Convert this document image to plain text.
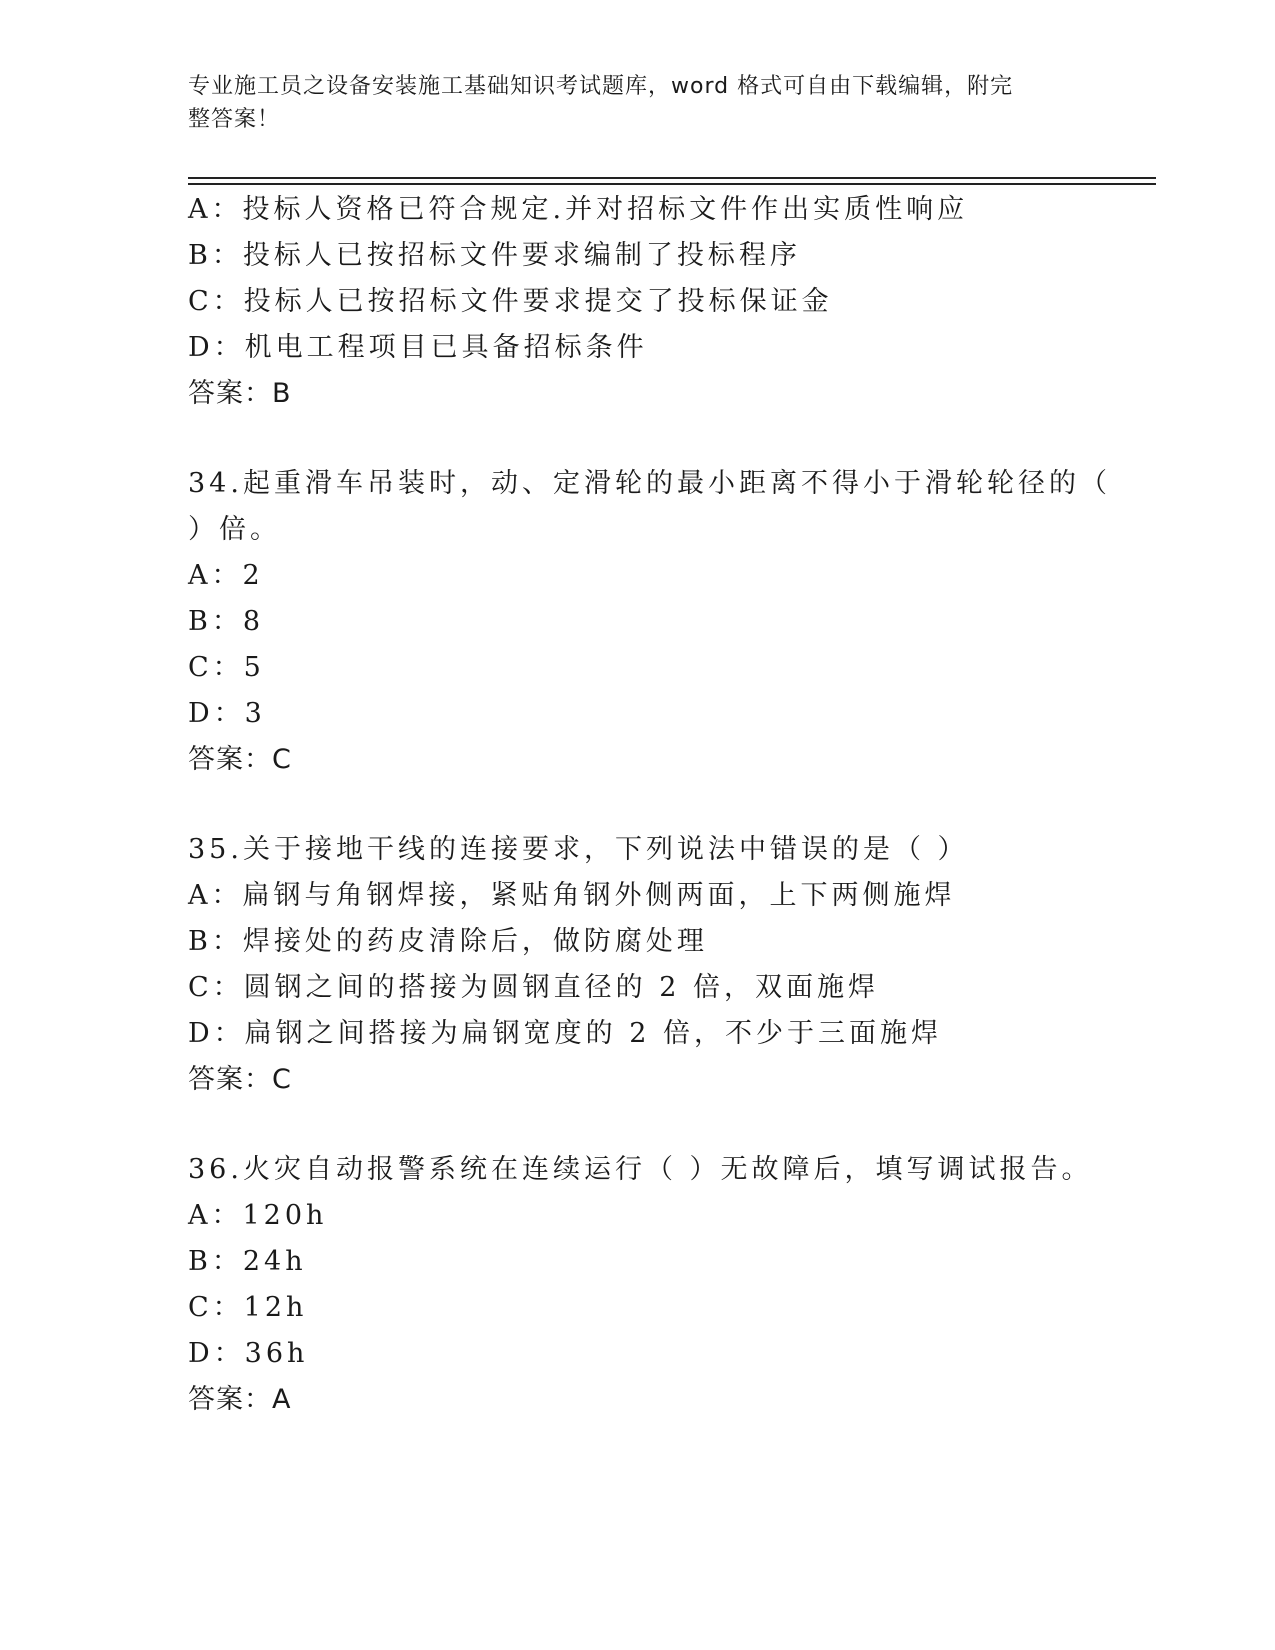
专业施工员之设备安装施工基础知识考试题库，word 格式可自由下载编辑，附完
整答案！
A：投标人资格已符合规定.并对招标文件作出实质性响应
B：投标人已按招标文件要求编制了投标程序
C：投标人已按招标文件要求提交了投标保证金
D：机电工程项目已具备招标条件
答案：B
34.起重滑车吊装时，动、定滑轮的最小距离不得小于滑轮轮径的（
）倍。
A：2
B：8
C：5
D：3
答案：C
35.关于接地干线的连接要求，下列说法中错误的是（ ）
A：扁钢与角钢焊接，紧贴角钢外侧两面，上下两侧施焊
B：焊接处的药皮清除后，做防腐处理
C：圆钢之间的搭接为圆钢直径的 2 倍，双面施焊
D：扁钢之间搭接为扁钢宽度的 2 倍，不少于三面施焊
答案：C
36.火灾自动报警系统在连续运行（ ）无故障后，填写调试报告。
A：120h
B：24h
C：12h
D：36h
答案：A
